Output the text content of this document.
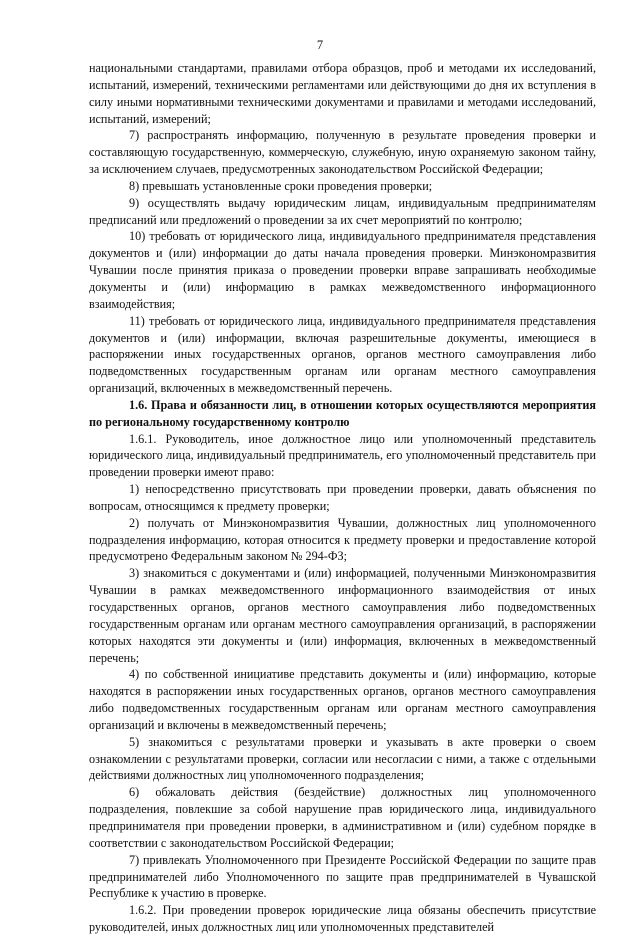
7

национальными стандартами, правилами отбора образцов, проб и методами их исследований, испытаний, измерений, техническими регламентами или действующими до дня их вступления в силу иными нормативными техническими документами и правилами и методами исследований, испытаний, измерений;

7) распространять информацию, полученную в результате проведения проверки и составляющую государственную, коммерческую, служебную, иную охраняемую законом тайну, за исключением случаев, предусмотренных законодательством Российской Федерации;

8) превышать установленные сроки проведения проверки;

9) осуществлять выдачу юридическим лицам, индивидуальным предпринимателям предписаний или предложений о проведении за их счет мероприятий по контролю;

10) требовать от юридического лица, индивидуального предпринимателя представления документов и (или) информации до даты начала проведения проверки. Минэкономразвития Чувашии после принятия приказа о проведении проверки вправе запрашивать необходимые документы и (или) информацию в рамках межведомственного информационного взаимодействия;

11) требовать от юридического лица, индивидуального предпринимателя представления документов и (или) информации, включая разрешительные документы, имеющиеся в распоряжении иных государственных органов, органов местного самоуправления либо подведомственных государственным органам или органам местного самоуправления организаций, включенных в межведомственный перечень.

1.6. Права и обязанности лиц, в отношении которых осуществляются мероприятия по региональному государственному контролю

1.6.1. Руководитель, иное должностное лицо или уполномоченный представитель юридического лица, индивидуальный предприниматель, его уполномоченный представитель при проведении проверки имеют право:

1) непосредственно присутствовать при проведении проверки, давать объяснения по вопросам, относящимся к предмету проверки;

2) получать от Минэкономразвития Чувашии, должностных лиц уполномоченного подразделения информацию, которая относится к предмету проверки и предоставление которой предусмотрено Федеральным законом № 294-ФЗ;

3) знакомиться с документами и (или) информацией, полученными Минэкономразвития Чувашии в рамках межведомственного информационного взаимодействия от иных государственных органов, органов местного самоуправления либо подведомственных государственным органам или органам местного самоуправления организаций, в распоряжении которых находятся эти документы и (или) информация, включенных в межведомственный перечень;

4) по собственной инициативе представить документы и (или) информацию, которые находятся в распоряжении иных государственных органов, органов местного самоуправления либо подведомственных государственным органам или органам местного самоуправления организаций и включены в межведомственный перечень;

5) знакомиться с результатами проверки и указывать в акте проверки о своем ознакомлении с результатами проверки, согласии или несогласии с ними, а также с отдельными действиями должностных лиц уполномоченного подразделения;

6) обжаловать действия (бездействие) должностных лиц уполномоченного подразделения, повлекшие за собой нарушение прав юридического лица, индивидуального предпринимателя при проведении проверки, в административном и (или) судебном порядке в соответствии с законодательством Российской Федерации;

7) привлекать Уполномоченного при Президенте Российской Федерации по защите прав предпринимателей либо Уполномоченного по защите прав предпринимателей в Чувашской Республике к участию в проверке.

1.6.2. При проведении проверок юридические лица обязаны обеспечить присутствие руководителей, иных должностных лиц или уполномоченных представителей
